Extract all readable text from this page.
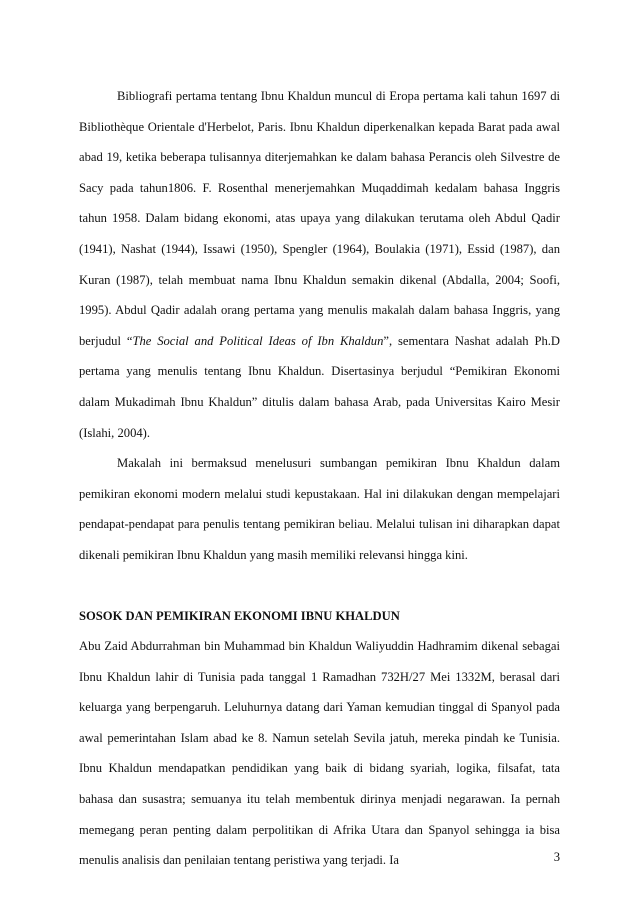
Bibliografi pertama tentang Ibnu Khaldun muncul di Eropa pertama kali tahun 1697 di Bibliothèque Orientale d'Herbelot, Paris. Ibnu Khaldun diperkenalkan kepada Barat pada awal abad 19, ketika beberapa tulisannya diterjemahkan ke dalam bahasa Perancis oleh Silvestre de Sacy pada tahun1806. F. Rosenthal menerjemahkan Muqaddimah kedalam bahasa Inggris tahun 1958. Dalam bidang ekonomi, atas upaya yang dilakukan terutama oleh Abdul Qadir (1941), Nashat (1944), Issawi (1950), Spengler (1964), Boulakia (1971), Essid (1987), dan Kuran (1987), telah membuat nama Ibnu Khaldun semakin dikenal (Abdalla, 2004; Soofi, 1995). Abdul Qadir adalah orang pertama yang menulis makalah dalam bahasa Inggris, yang berjudul “The Social and Political Ideas of Ibn Khaldun”, sementara Nashat adalah Ph.D pertama yang menulis tentang Ibnu Khaldun. Disertasinya berjudul “Pemikiran Ekonomi dalam Mukadimah Ibnu Khaldun” ditulis dalam bahasa Arab, pada Universitas Kairo Mesir (Islahi, 2004).

Makalah ini bermaksud menelusuri sumbangan pemikiran Ibnu Khaldun dalam pemikiran ekonomi modern melalui studi kepustakaan. Hal ini dilakukan dengan mempelajari pendapat-pendapat para penulis tentang pemikiran beliau. Melalui tulisan ini diharapkan dapat dikenali pemikiran Ibnu Khaldun yang masih memiliki relevansi hingga kini.

SOSOK DAN PEMIKIRAN EKONOMI IBNU KHALDUN

Abu Zaid Abdurrahman bin Muhammad bin Khaldun Waliyuddin Hadhramim dikenal sebagai Ibnu Khaldun lahir di Tunisia pada tanggal 1 Ramadhan 732H/27 Mei 1332M, berasal dari keluarga yang berpengaruh. Leluhurnya datang dari Yaman kemudian tinggal di Spanyol pada awal pemerintahan Islam abad ke 8. Namun setelah Sevila jatuh, mereka pindah ke Tunisia. Ibnu Khaldun mendapatkan pendidikan yang baik di bidang syariah, logika, filsafat, tata bahasa dan susastra; semuanya itu telah membentuk dirinya menjadi negarawan. Ia pernah memegang peran penting dalam perpolitikan di Afrika Utara dan Spanyol sehingga ia bisa menulis analisis dan penilaian tentang peristiwa yang terjadi. Ia	3
